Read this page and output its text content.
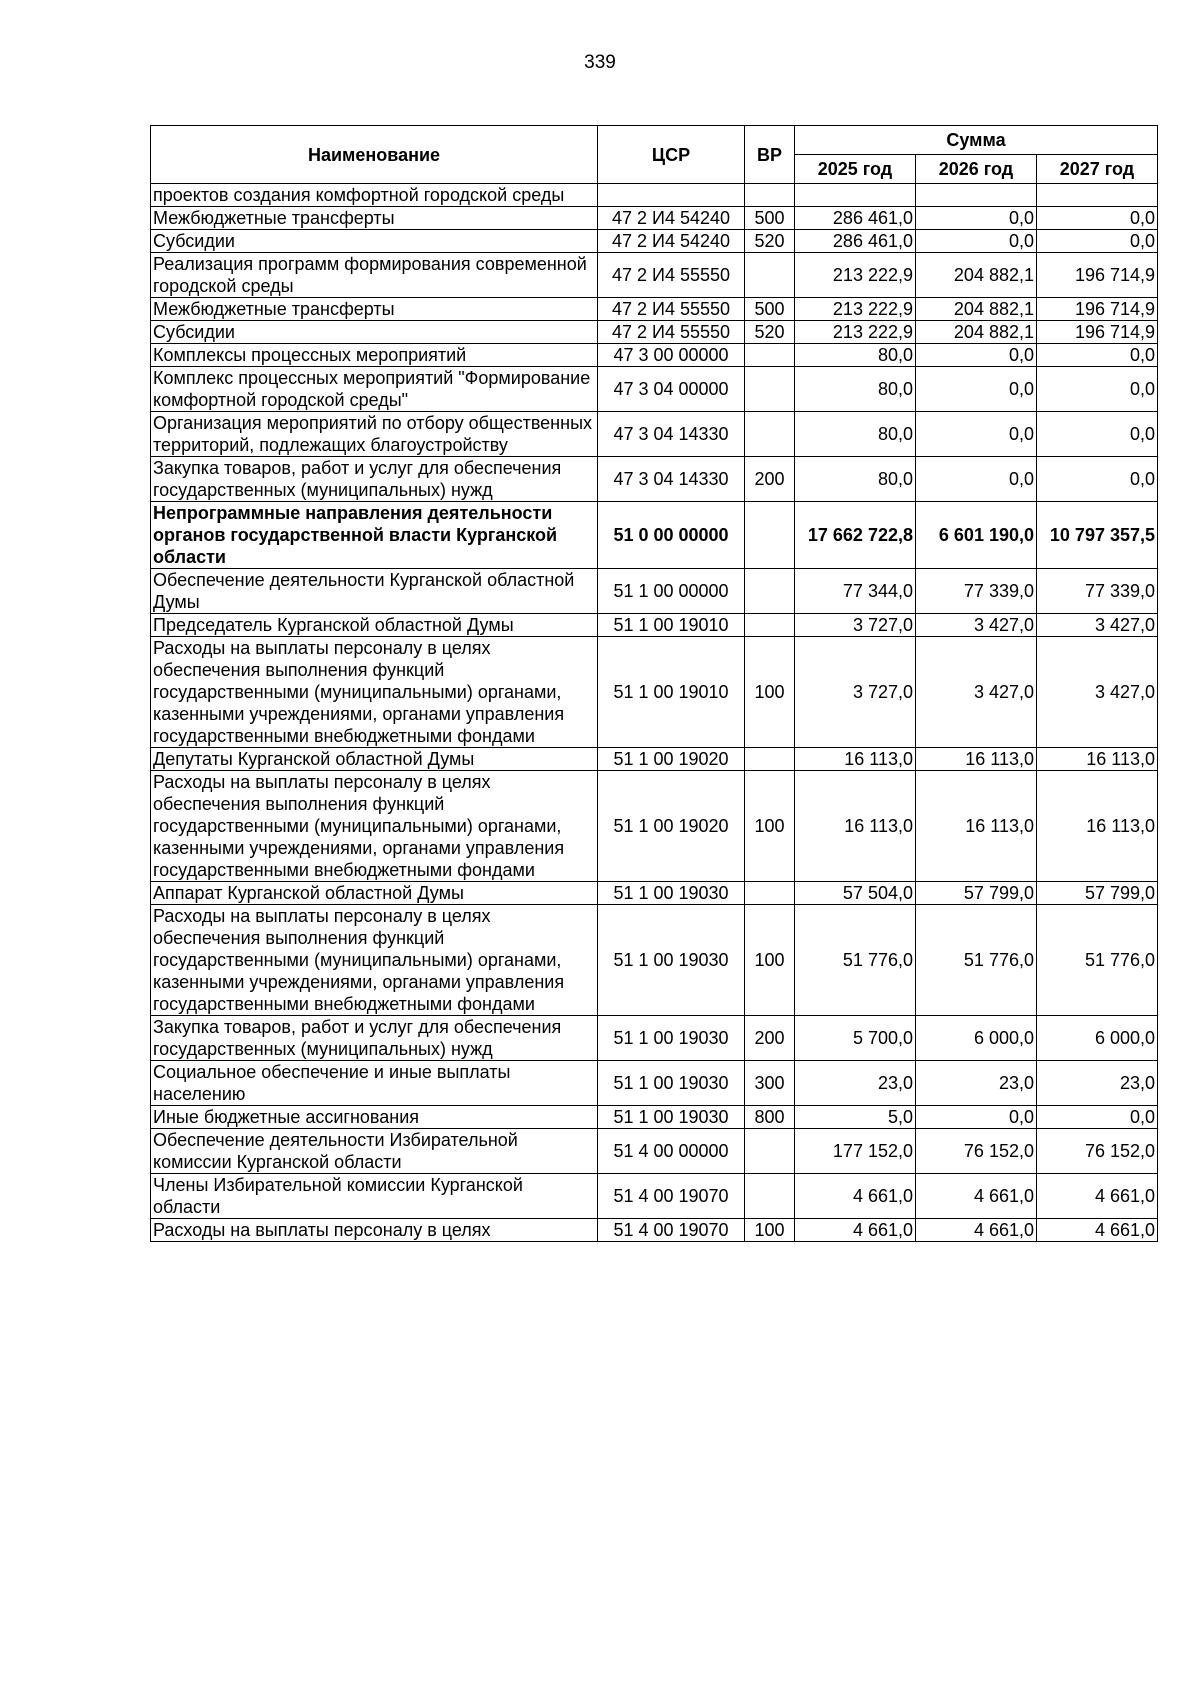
339
Наименование	ЦСР	ВР	Сумма		
			2025 год	2026 год	2027 год
проектов создания комфортной городской среды					
Межбюджетные трансферты	47 2 И4 54240	500	286 461,0	0,0	0,0
Субсидии	47 2 И4 54240	520	286 461,0	0,0	0,0
Реализация программ формирования современной городской среды	47 2 И4 55550		213 222,9	204 882,1	196 714,9
Межбюджетные трансферты	47 2 И4 55550	500	213 222,9	204 882,1	196 714,9
Субсидии	47 2 И4 55550	520	213 222,9	204 882,1	196 714,9
Комплексы процессных мероприятий	47 3 00 00000		80,0	0,0	0,0
Комплекс процессных мероприятий "Формирование комфортной городской среды"	47 3 04 00000		80,0	0,0	0,0
Организация мероприятий по отбору общественных территорий, подлежащих благоустройству	47 3 04 14330		80,0	0,0	0,0
Закупка товаров, работ и услуг для обеспечения государственных (муниципальных) нужд	47 3 04 14330	200	80,0	0,0	0,0
Непрограммные направления деятельности органов государственной власти Курганской области	51 0 00 00000		17 662 722,8	6 601 190,0	10 797 357,5
Обеспечение деятельности Курганской областной Думы	51 1 00 00000		77 344,0	77 339,0	77 339,0
Председатель Курганской областной Думы	51 1 00 19010		3 727,0	3 427,0	3 427,0
Расходы на выплаты персоналу в целях обеспечения выполнения функций государственными (муниципальными) органами, казенными учреждениями, органами управления государственными внебюджетными фондами	51 1 00 19010	100	3 727,0	3 427,0	3 427,0
Депутаты Курганской областной Думы	51 1 00 19020		16 113,0	16 113,0	16 113,0
Расходы на выплаты персоналу в целях обеспечения выполнения функций государственными (муниципальными) органами, казенными учреждениями, органами управления государственными внебюджетными фондами	51 1 00 19020	100	16 113,0	16 113,0	16 113,0
Аппарат Курганской областной Думы	51 1 00 19030		57 504,0	57 799,0	57 799,0
Расходы на выплаты персоналу в целях обеспечения выполнения функций государственными (муниципальными) органами, казенными учреждениями, органами управления государственными внебюджетными фондами	51 1 00 19030	100	51 776,0	51 776,0	51 776,0
Закупка товаров, работ и услуг для обеспечения государственных (муниципальных) нужд	51 1 00 19030	200	5 700,0	6 000,0	6 000,0
Социальное обеспечение и иные выплаты населению	51 1 00 19030	300	23,0	23,0	23,0
Иные бюджетные ассигнования	51 1 00 19030	800	5,0	0,0	0,0
Обеспечение деятельности Избирательной комиссии Курганской области	51 4 00 00000		177 152,0	76 152,0	76 152,0
Члены Избирательной комиссии Курганской области	51 4 00 19070		4 661,0	4 661,0	4 661,0
Расходы на выплаты персоналу в целях	51 4 00 19070	100	4 661,0	4 661,0	4 661,0
